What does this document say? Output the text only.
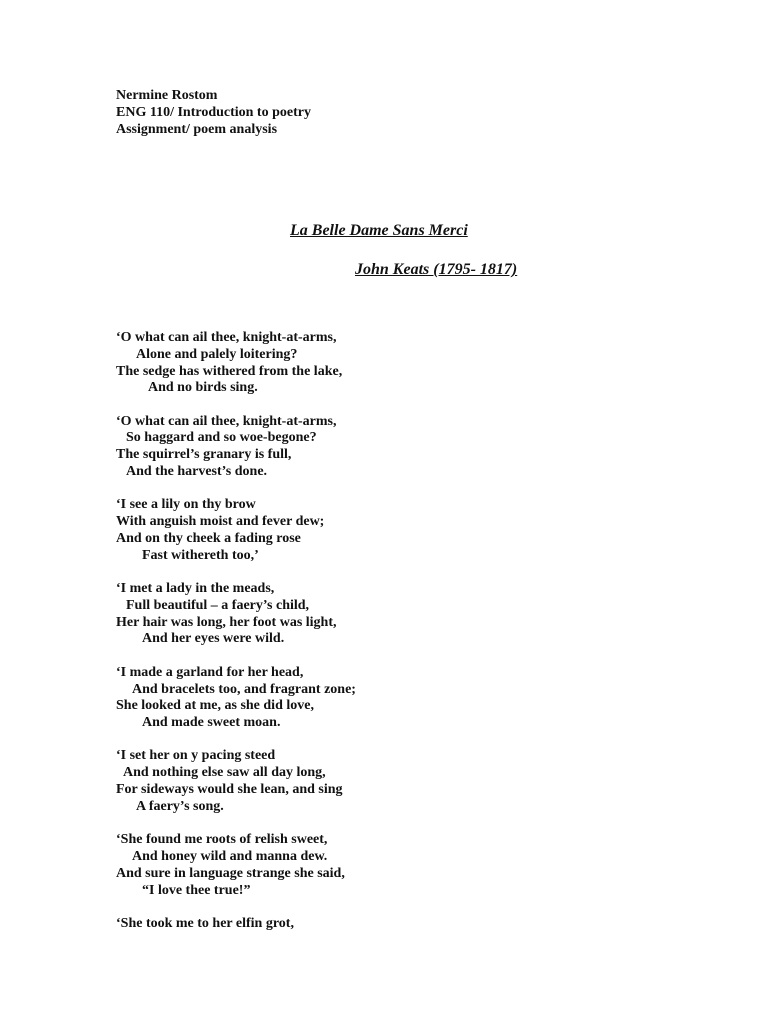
Nermine Rostom
ENG 110/ Introduction to poetry
Assignment/ poem analysis
La Belle Dame Sans Merci
John Keats (1795- 1817)
‘O what can ail thee, knight-at-arms,
Alone and palely loitering?
The sedge has withered from the lake,
And no birds sing.
‘O what can ail thee, knight-at-arms,
So haggard and so woe-begone?
The squirrel’s granary is full,
And the harvest’s done.
‘I see a lily on thy brow
With anguish moist and fever dew;
And on thy cheek a fading rose
Fast withereth too,’
‘I met a lady in the meads,
Full beautiful – a faery’s child,
Her hair was long, her foot was light,
And her eyes were wild.
‘I made a garland for her head,
And bracelets too, and fragrant zone;
She looked at me, as she did love,
And made sweet moan.
‘I set her on y pacing steed
And nothing else saw all day long,
For sideways would she lean, and sing
A faery’s song.
‘She found me roots of relish sweet,
And honey wild and manna dew.
And sure in language strange she said,
“I love thee true!”
‘She took me to her elfin grot,
